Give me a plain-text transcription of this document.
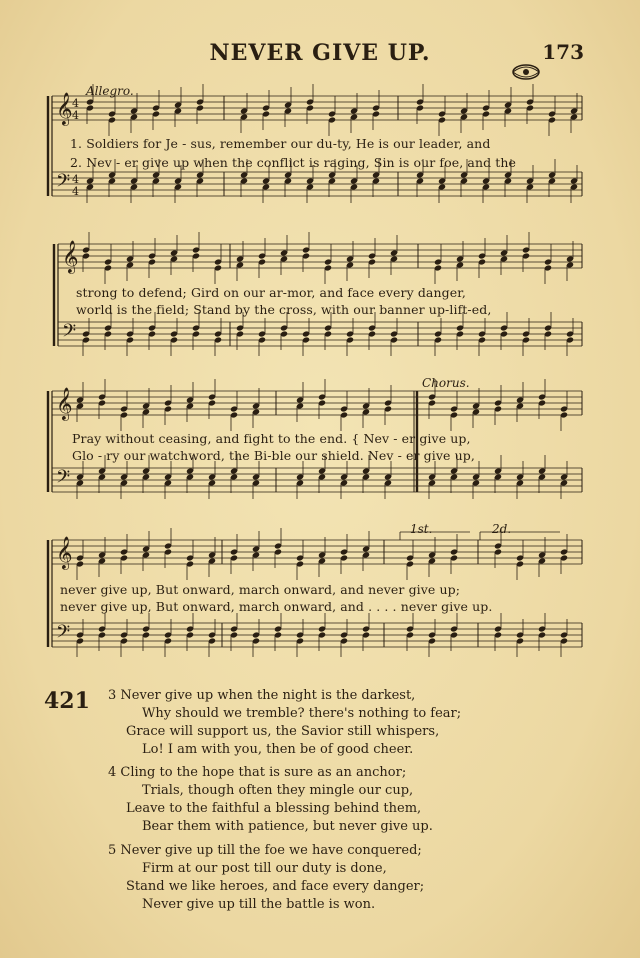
NEVER GIVE UP.	173
Allegro.
1. Soldiers for Je - sus, remember our du-ty, He is our leader, and
2. Nev - er give up when the conflict is raging, Sin is our foe, and the
strong to defend; Gird on our ar-mor, and face every danger,
world is the field; Stand by the cross, with our banner up-lift-ed,
Chorus.
Pray without ceasing, and fight to the end. { Nev - er give up,
Glo - ry our watchword, the Bi-ble our shield. Nev - er give up,
1st.	2d.
never give up, But onward, march onward, and never give up;
never give up, But onward, march onward, and . . . . never give up.
421 3 Never give up when the night is the darkest,
Why should we tremble? there's nothing to fear;
Grace will support us, the Savior still whispers,
Lo! I am with you, then be of good cheer.
4 Cling to the hope that is sure as an anchor;
Trials, though often they mingle our cup,
Leave to the faithful a blessing behind them,
Bear them with patience, but never give up.
5 Never give up till the foe we have conquered;
Firm at our post till our duty is done,
Stand we like heroes, and face every danger;
Never give up till the battle is won.
𝄞
𝄢
4
4
4
4
𝄞
𝄢
𝄞
𝄢
𝄞
𝄢
